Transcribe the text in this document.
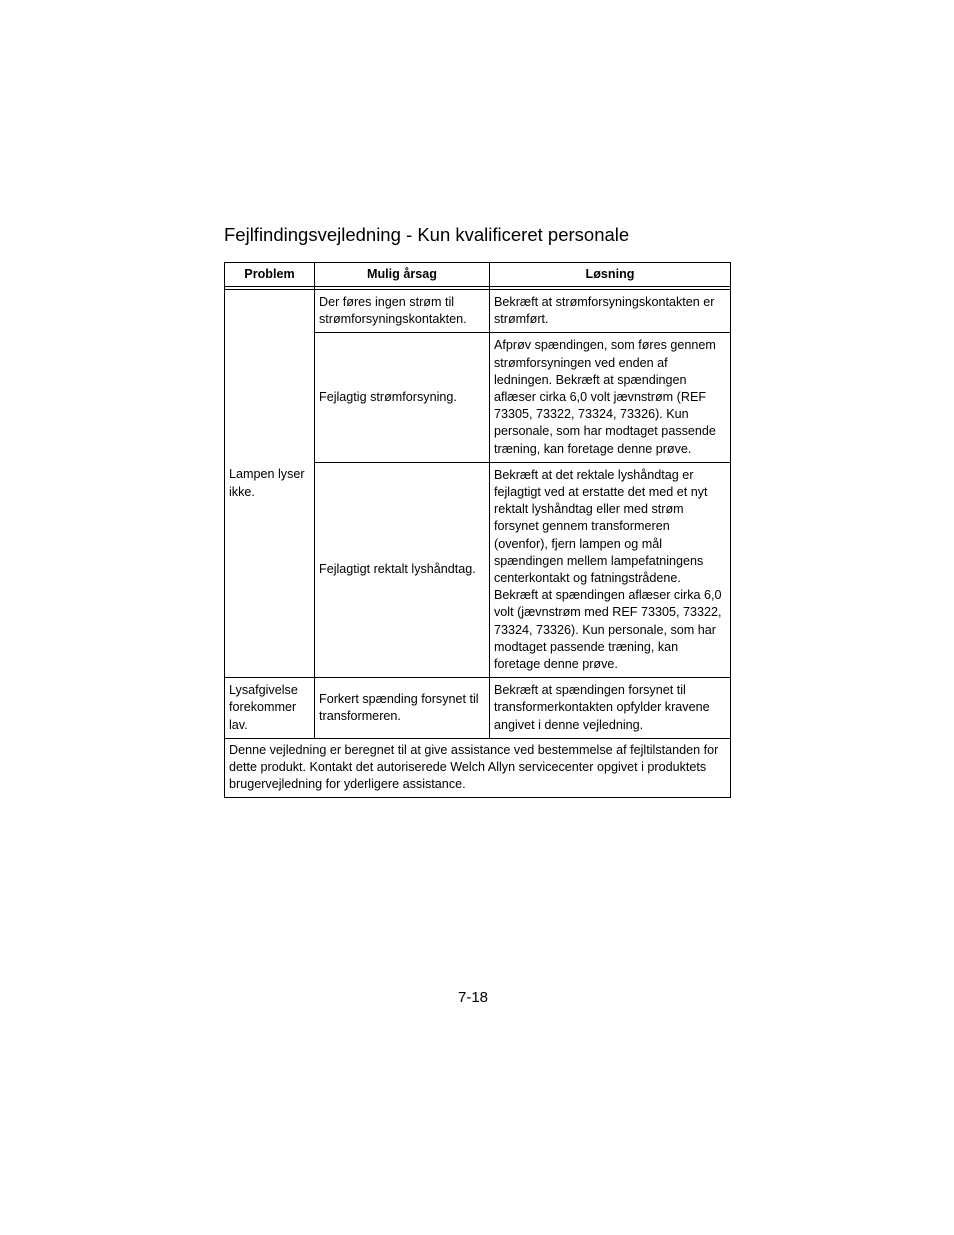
Fejlfindingsvejledning - Kun kvalificeret personale
Problem	Mulig årsag	Løsning

Lampen lyser ikke.	Der føres ingen strøm til strømforsyningskontakten.	Bekræft at strømforsyningskontakten er strømført.
	Fejlagtig strømforsyning.	Afprøv spændingen, som føres gennem strømforsyningen ved enden af ledningen. Bekræft at spændingen aflæser cirka 6,0 volt jævnstrøm (REF 73305, 73322, 73324, 73326). Kun personale, som har modtaget passende træning, kan foretage denne prøve.
	Fejlagtigt rektalt lyshåndtag.	Bekræft at det rektale lyshåndtag er fejlagtigt ved at erstatte det med et nyt rektalt lyshåndtag eller med strøm forsynet gennem transformeren (ovenfor), fjern lampen og mål spændingen mellem lampefatningens centerkontakt og fatningstrådene. Bekræft at spændingen aflæser cirka 6,0 volt (jævnstrøm med REF 73305, 73322, 73324, 73326). Kun personale, som har modtaget passende træning, kan foretage denne prøve.
Lysafgivelse forekommer lav.	Forkert spænding forsynet til transformeren.	Bekræft at spændingen forsynet til transformerkontakten opfylder kravene angivet i denne vejledning.
Denne vejledning er beregnet til at give assistance ved bestemmelse af fejltilstanden for dette produkt. Kontakt det autoriserede Welch Allyn servicecenter opgivet i produktets brugervejledning for yderligere assistance.		
7-18
